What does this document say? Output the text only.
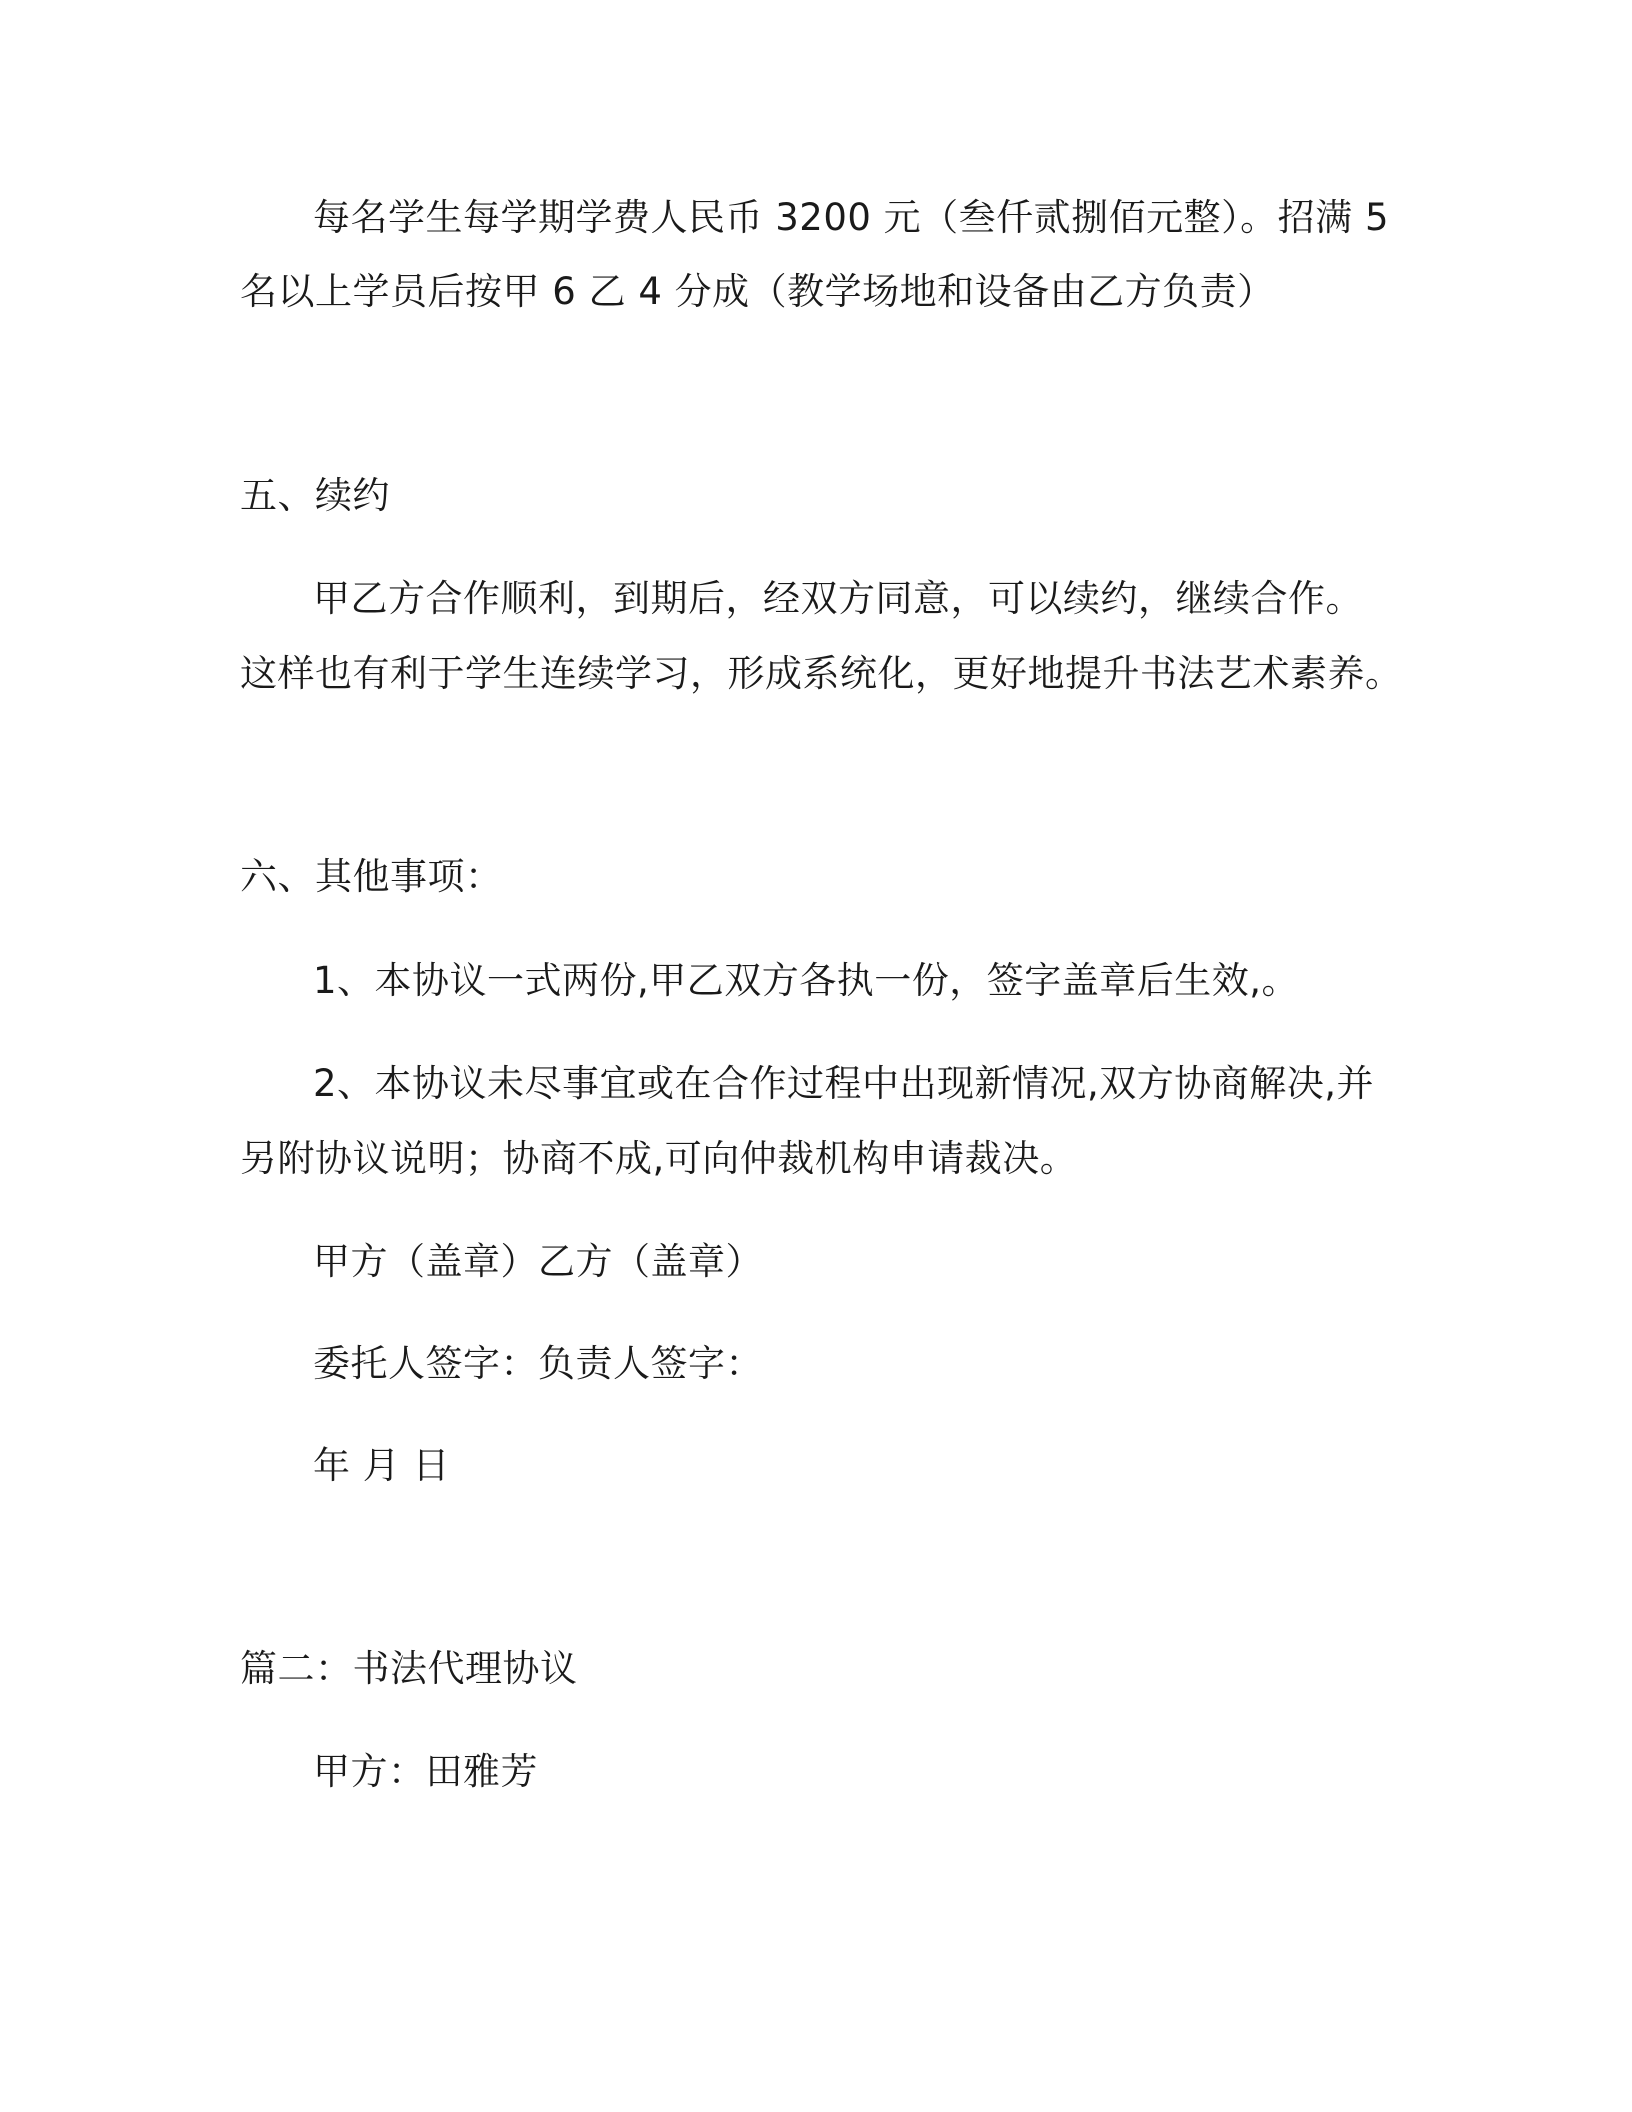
每名学生每学期学费人民币 3200 元（叁仟贰捌佰元整）。招满 5
名以上学员后按甲 6 乙 4 分成（教学场地和设备由乙方负责）
五、续约
甲乙方合作顺利，到期后，经双方同意，可以续约，继续合作。
这样也有利于学生连续学习，形成系统化，更好地提升书法艺术素养。
六、其他事项：
1、本协议一式两份,甲乙双方各执一份，签字盖章后生效,。
2、本协议未尽事宜或在合作过程中出现新情况,双方协商解决,并
另附协议说明；协商不成,可向仲裁机构申请裁决。
甲方（盖章）乙方（盖章）
委托人签字：负责人签字：
年 月 日
篇二：书法代理协议
甲方：田雅芳
